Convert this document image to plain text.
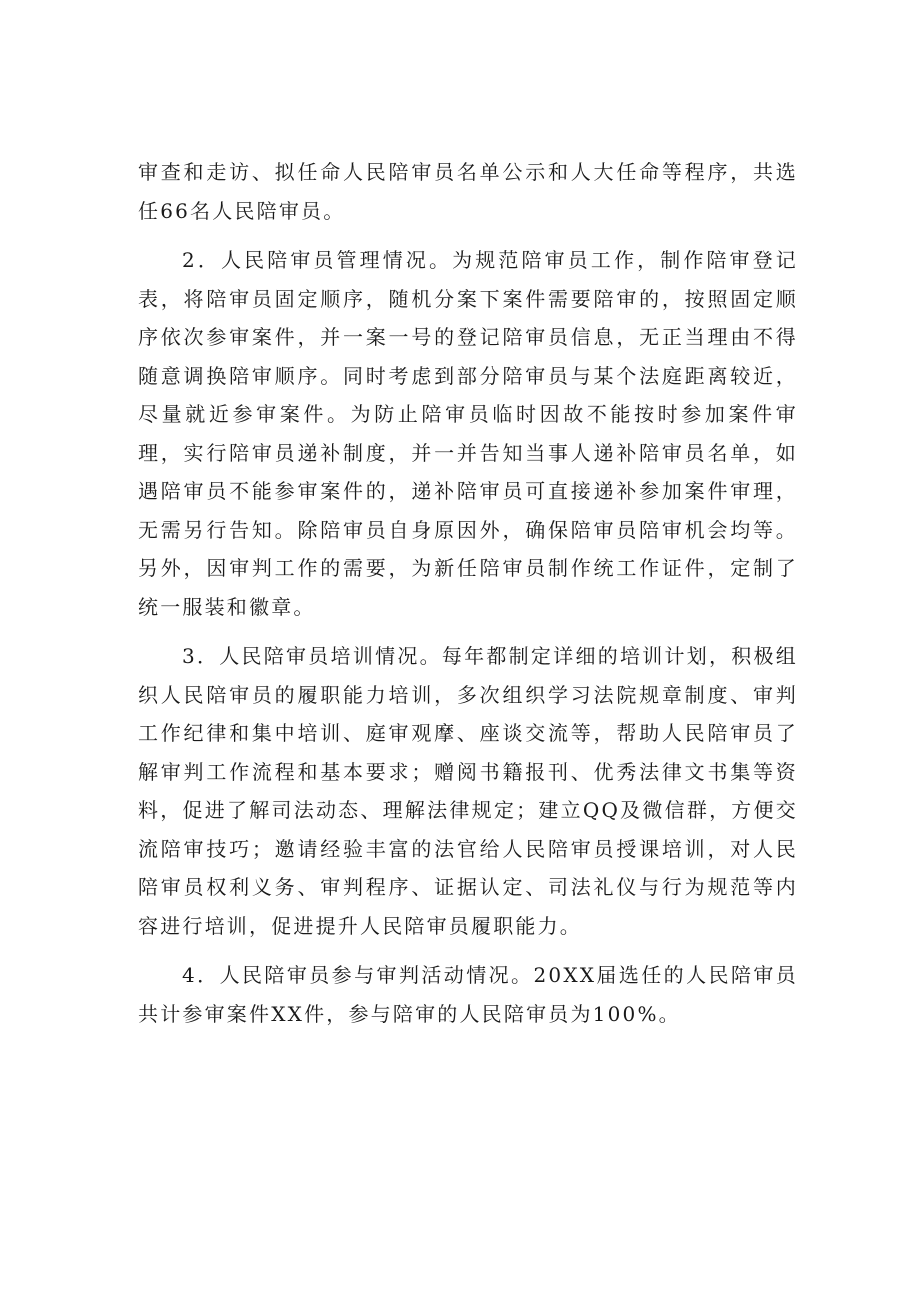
审查和走访、拟任命人民陪审员名单公示和人大任命等程序，共选任66名人民陪审员。

2．人民陪审员管理情况。为规范陪审员工作，制作陪审登记表，将陪审员固定顺序，随机分案下案件需要陪审的，按照固定顺序依次参审案件，并一案一号的登记陪审员信息，无正当理由不得随意调换陪审顺序。同时考虑到部分陪审员与某个法庭距离较近，尽量就近参审案件。为防止陪审员临时因故不能按时参加案件审理，实行陪审员递补制度，并一并告知当事人递补陪审员名单，如遇陪审员不能参审案件的，递补陪审员可直接递补参加案件审理，无需另行告知。除陪审员自身原因外，确保陪审员陪审机会均等。另外，因审判工作的需要，为新任陪审员制作统工作证件，定制了统一服装和徽章。

3．人民陪审员培训情况。每年都制定详细的培训计划，积极组织人民陪审员的履职能力培训，多次组织学习法院规章制度、审判工作纪律和集中培训、庭审观摩、座谈交流等，帮助人民陪审员了解审判工作流程和基本要求；赠阅书籍报刊、优秀法律文书集等资料，促进了解司法动态、理解法律规定；建立QQ及微信群，方便交流陪审技巧；邀请经验丰富的法官给人民陪审员授课培训，对人民陪审员权利义务、审判程序、证据认定、司法礼仪与行为规范等内容进行培训，促进提升人民陪审员履职能力。

4．人民陪审员参与审判活动情况。20XX届选任的人民陪审员共计参审案件XX件，参与陪审的人民陪审员为100%。
